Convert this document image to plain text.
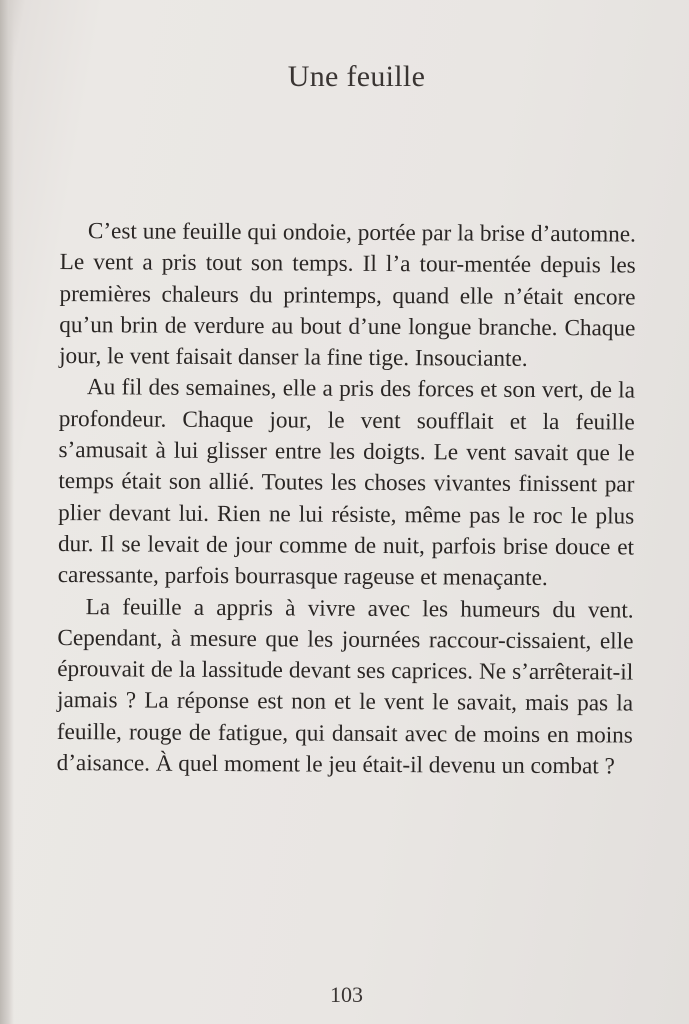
Une feuille

C’est une feuille qui ondoie, portée par la brise d’automne. Le vent a pris tout son temps. Il l’a tour-mentée depuis les premières chaleurs du printemps, quand elle n’était encore qu’un brin de verdure au bout d’une longue branche. Chaque jour, le vent faisait danser la fine tige. Insouciante.

Au fil des semaines, elle a pris des forces et son vert, de la profondeur. Chaque jour, le vent soufflait et la feuille s’amusait à lui glisser entre les doigts. Le vent savait que le temps était son allié. Toutes les choses vivantes finissent par plier devant lui. Rien ne lui résiste, même pas le roc le plus dur. Il se levait de jour comme de nuit, parfois brise douce et caressante, parfois bourrasque rageuse et menaçante.

La feuille a appris à vivre avec les humeurs du vent. Cependant, à mesure que les journées raccour-cissaient, elle éprouvait de la lassitude devant ses caprices. Ne s’arrêterait-il jamais ? La réponse est non et le vent le savait, mais pas la feuille, rouge de fatigue, qui dansait avec de moins en moins d’aisance. À quel moment le jeu était-il devenu un combat ?

103
